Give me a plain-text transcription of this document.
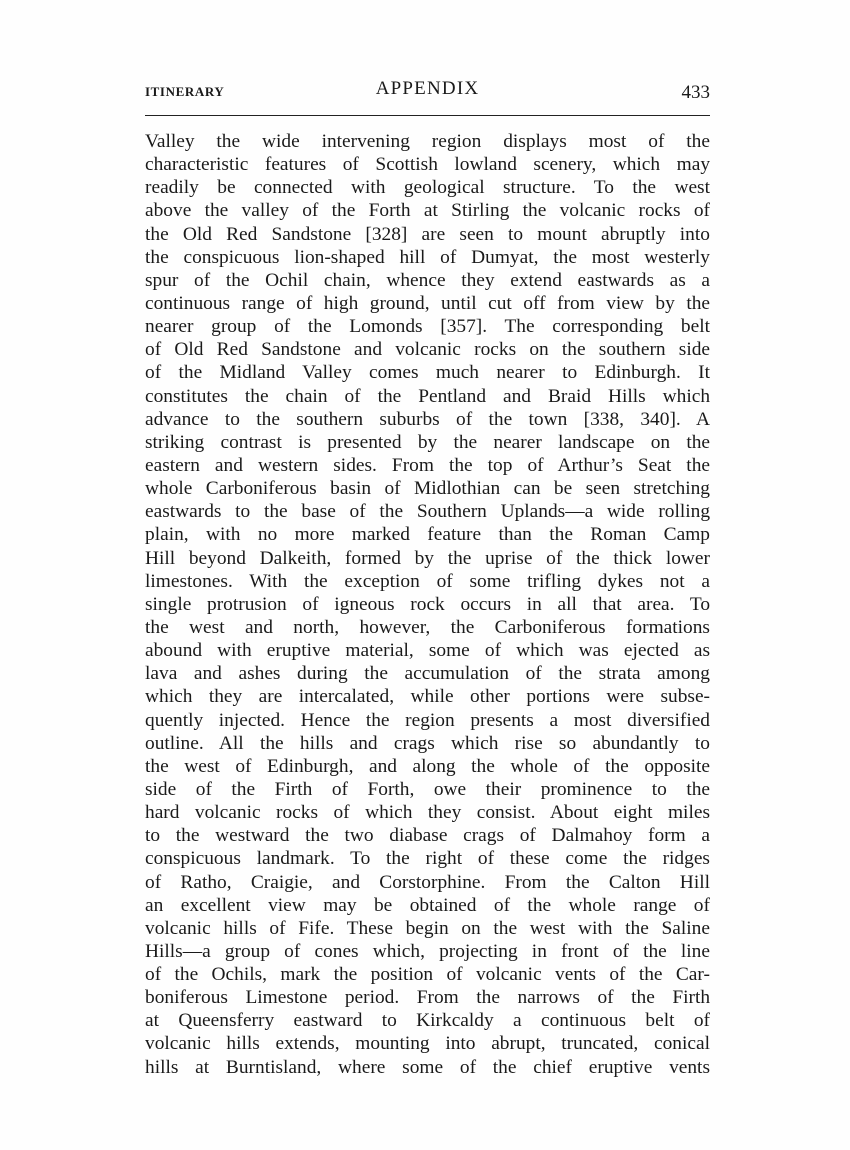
ITINERARY	APPENDIX	433
Valley the wide intervening region displays most of the
characteristic features of Scottish lowland scenery, which may
readily be connected with geological structure. To the west
above the valley of the Forth at Stirling the volcanic rocks of
the Old Red Sandstone [328] are seen to mount abruptly into
the conspicuous lion-shaped hill of Dumyat, the most westerly
spur of the Ochil chain, whence they extend eastwards as a
continuous range of high ground, until cut off from view by the
nearer group of the Lomonds [357]. The corresponding belt
of Old Red Sandstone and volcanic rocks on the southern side
of the Midland Valley comes much nearer to Edinburgh. It
constitutes the chain of the Pentland and Braid Hills which
advance to the southern suburbs of the town [338, 340]. A
striking contrast is presented by the nearer landscape on the
eastern and western sides. From the top of Arthur’s Seat the
whole Carboniferous basin of Midlothian can be seen stretching
eastwards to the base of the Southern Uplands—a wide rolling
plain, with no more marked feature than the Roman Camp
Hill beyond Dalkeith, formed by the uprise of the thick lower
limestones. With the exception of some trifling dykes not a
single protrusion of igneous rock occurs in all that area. To
the west and north, however, the Carboniferous formations
abound with eruptive material, some of which was ejected as
lava and ashes during the accumulation of the strata among
which they are intercalated, while other portions were subse-
quently injected. Hence the region presents a most diversified
outline. All the hills and crags which rise so abundantly to
the west of Edinburgh, and along the whole of the opposite
side of the Firth of Forth, owe their prominence to the
hard volcanic rocks of which they consist. About eight miles
to the westward the two diabase crags of Dalmahoy form a
conspicuous landmark. To the right of these come the ridges
of Ratho, Craigie, and Corstorphine. From the Calton Hill
an excellent view may be obtained of the whole range of
volcanic hills of Fife. These begin on the west with the Saline
Hills—a group of cones which, projecting in front of the line
of the Ochils, mark the position of volcanic vents of the Car-
boniferous Limestone period. From the narrows of the Firth
at Queensferry eastward to Kirkcaldy a continuous belt of
volcanic hills extends, mounting into abrupt, truncated, conical
hills at Burntisland, where some of the chief eruptive vents
